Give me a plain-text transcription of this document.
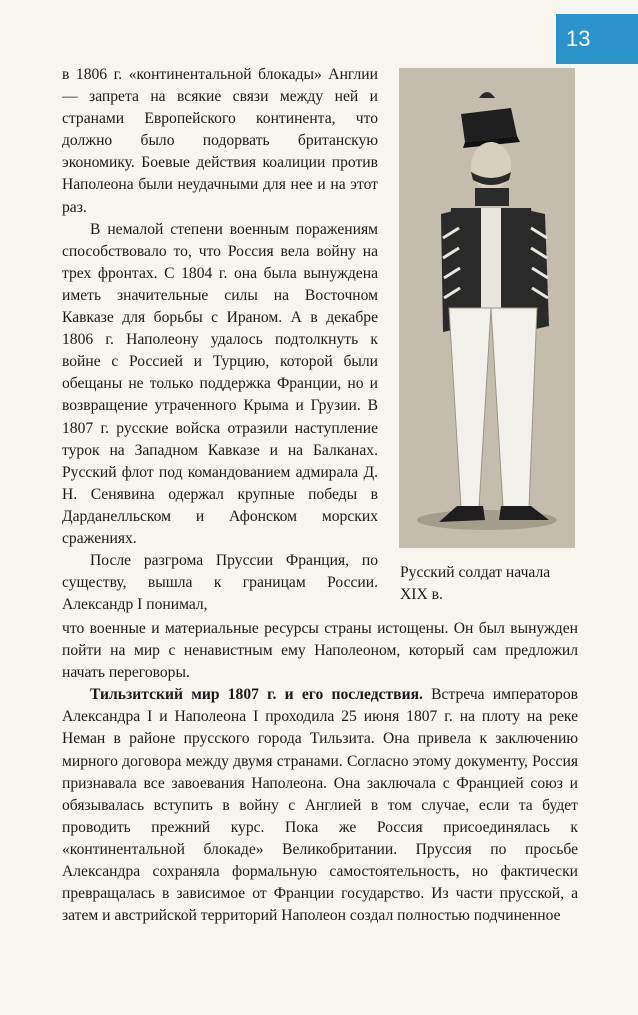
13

в 1806 г. «континентальной блокады» Англии — запрета на всякие связи между ней и странами Европейского континента, что должно было подорвать британскую экономику. Боевые действия коалиции против Наполеона были неудачными для нее и на этот раз.

В немалой степени военным поражениям способствовало то, что Россия вела войну на трех фронтах. С 1804 г. она была вынуждена иметь значительные силы на Восточном Кавказе для борьбы с Ираном. А в декабре 1806 г. Наполеону удалось подтолкнуть к войне с Россией и Турцию, которой были обещаны не только поддержка Франции, но и возвращение утраченного Крыма и Грузии. В 1807 г. русские войска отразили наступление турок на Западном Кавказе и на Балканах. Русский флот под командованием адмирала Д. Н. Сенявина одержал крупные победы в Дарданелльском и Афонском морских сражениях.

После разгрома Пруссии Франция, по существу, вышла к границам России. Александр I понимал,

Русский солдат начала XIX в.

что военные и материальные ресурсы страны истощены. Он был вынужден пойти на мир с ненавистным ему Наполеоном, который сам предложил начать переговоры.

Тильзитский мир 1807 г. и его последствия. Встреча императоров Александра I и Наполеона I проходила 25 июня 1807 г. на плоту на реке Неман в районе прусского города Тильзита. Она привела к заключению мирного договора между двумя странами. Согласно этому документу, Россия признавала все завоевания Наполеона. Она заключала с Францией союз и обязывалась вступить в войну с Англией в том случае, если та будет проводить прежний курс. Пока же Россия присоединялась к «континентальной блокаде» Великобритании. Пруссия по просьбе Александра сохраняла формальную самостоятельность, но фактически превращалась в зависимое от Франции государство. Из части прусской, а затем и австрийской территорий Наполеон создал полностью подчиненное
